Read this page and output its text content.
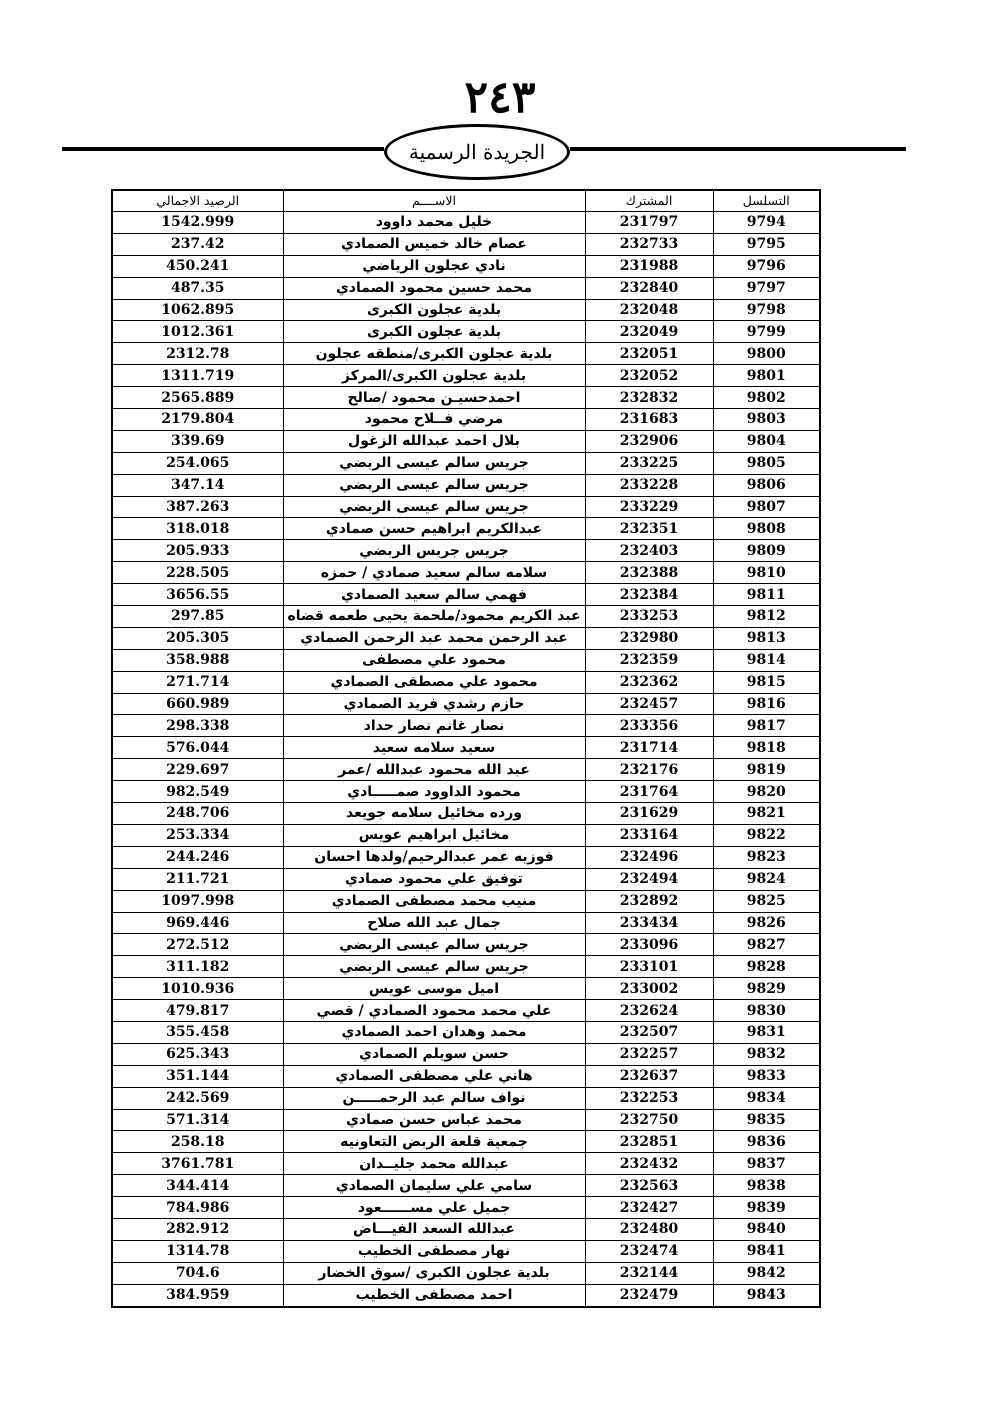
٢٤٣
الجريدة الرسمية
التسلسل	المشترك	الاســــم	الرصيد الاجمالي
9794	231797	خليل محمد داوود	1542.999
9795	232733	عصام خالد خميس الصمادي	237.42
9796	231988	نادي عجلون الرياضي	450.241
9797	232840	محمد حسين محمود الصمادي	487.35
9798	232048	بلدية عجلون الكبرى	1062.895
9799	232049	بلدية عجلون الكبرى	1012.361
9800	232051	بلدية عجلون الكبرى/منطقه عجلون	2312.78
9801	232052	بلدية عجلون الكبرى/المركز	1311.719
9802	232832	احمدحسيـن محمود /صالح	2565.889
9803	231683	مرضي فــلاح محمود	2179.804
9804	232906	بلال احمد عبدالله الزغول	339.69
9805	233225	جريس سالم عيسى الربضي	254.065
9806	233228	جريس سالم عيسى الربضي	347.14
9807	233229	جريس سالم عيسى الربضي	387.263
9808	232351	عبدالكريم ابراهيم حسن صمادي	318.018
9809	232403	جريس جريس الربضي	205.933
9810	232388	سلامه سالم سعيد صمادي / حمزه	228.505
9811	232384	فهمي سالم سعيد الصمادي	3656.55
9812	233253	عبد الكريم محمود/ملحمة يحيى طعمه قضاه	297.85
9813	232980	عبد الرحمن محمد عبد الرحمن الصمادي	205.305
9814	232359	محمود علي مصطفى	358.988
9815	232362	محمود علي مصطفى الصمادي	271.714
9816	232457	حازم رشدي فريد الصمادي	660.989
9817	233356	نصار غانم نصار حداد	298.338
9818	231714	سعيد سلامه سعيد	576.044
9819	232176	عبد الله محمود عبدالله /عمر	229.697
9820	231764	محمود الداوود صمـــــادي	982.549
9821	231629	ورده مخائيل سلامه جويعد	248.706
9822	233164	مخائيل ابراهيم عويس	253.334
9823	232496	فوزيه عمر عبدالرحيم/ولدها احسان	244.246
9824	232494	توفيق علي محمود صمادي	211.721
9825	232892	منيب محمد مصطفى الصمادي	1097.998
9826	233434	جمال عبد الله صلاح	969.446
9827	233096	جريس سالم عيسى الربضي	272.512
9828	233101	جريس سالم عيسى الربضي	311.182
9829	233002	اميل موسى عويس	1010.936
9830	232624	علي محمد محمود الصمادي / قصي	479.817
9831	232507	محمد وهدان احمد الصمادي	355.458
9832	232257	حسن سويلم الصمادي	625.343
9833	232637	هاني علي مصطفى الصمادي	351.144
9834	232253	نواف سالم عبد الرحمـــــن	242.569
9835	232750	محمد عباس حسن صمادي	571.314
9836	232851	جمعية قلعة الربض التعاونيه	258.18
9837	232432	عبدالله محمد جليــدان	3761.781
9838	232563	سامي علي سليمان الصمادي	344.414
9839	232427	جميل علي مســــــعود	784.986
9840	232480	عبدالله السعد الفيـــاض	282.912
9841	232474	نهار مصطفى الخطيب	1314.78
9842	232144	بلدية عجلون الكبرى /سوق الخضار	704.6
9843	232479	احمد مصطفى الخطيب	384.959
